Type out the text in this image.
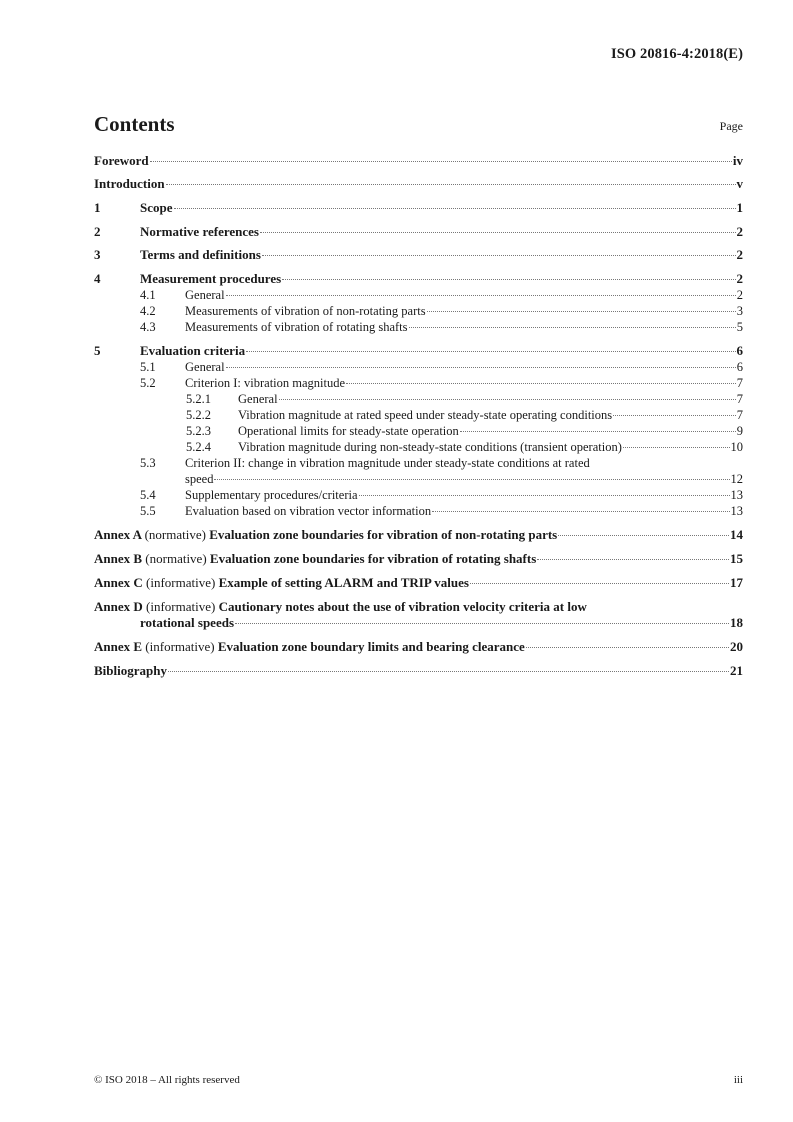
ISO 20816-4:2018(E)
Contents	Page
Foreword	iv
Introduction	v
1	Scope	1
2	Normative references	2
3	Terms and definitions	2
4	Measurement procedures	2
4.1	General	2
4.2	Measurements of vibration of non-rotating parts	3
4.3	Measurements of vibration of rotating shafts	5
5	Evaluation criteria	6
5.1	General	6
5.2	Criterion I: vibration magnitude	7
5.2.1	General	7
5.2.2	Vibration magnitude at rated speed under steady-state operating conditions	7
5.2.3	Operational limits for steady-state operation	9
5.2.4	Vibration magnitude during non-steady-state conditions (transient operation)	10
5.3	Criterion II: change in vibration magnitude under steady-state conditions at rated
speed	12
5.4	Supplementary procedures/criteria	13
5.5	Evaluation based on vibration vector information	13
Annex A (normative) Evaluation zone boundaries for vibration of non-rotating parts	14
Annex B (normative) Evaluation zone boundaries for vibration of rotating shafts	15
Annex C (informative) Example of setting ALARM and TRIP values	17
Annex D (informative) Cautionary notes about the use of vibration velocity criteria at low
rotational speeds	18
Annex E (informative) Evaluation zone boundary limits and bearing clearance	20
Bibliography	21
© ISO 2018 – All rights reserved	iii
